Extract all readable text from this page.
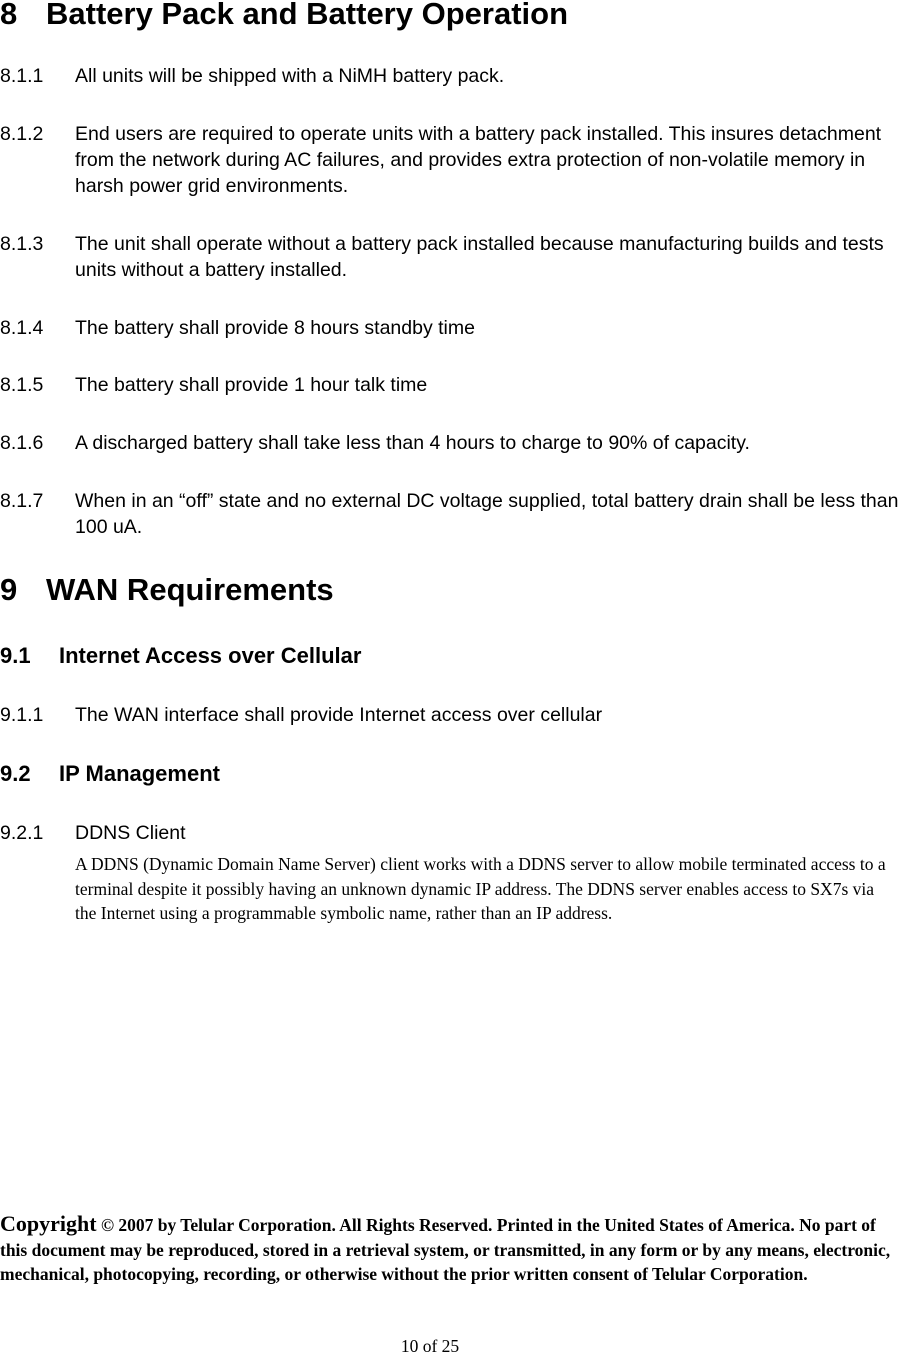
8 Battery Pack and Battery Operation
8.1.1 All units will be shipped with a NiMH battery pack.
8.1.2 End users are required to operate units with a battery pack installed. This insures detachment from the network during AC failures, and provides extra protection of non-volatile memory in harsh power grid environments.
8.1.3 The unit shall operate without a battery pack installed because manufacturing builds and tests units without a battery installed.
8.1.4 The battery shall provide 8 hours standby time
8.1.5 The battery shall provide 1 hour talk time
8.1.6 A discharged battery shall take less than 4 hours to charge to 90% of capacity.
8.1.7 When in an “off” state and no external DC voltage supplied, total battery drain shall be less than 100 uA.
9 WAN Requirements
9.1 Internet Access over Cellular
9.1.1 The WAN interface shall provide Internet access over cellular
9.2 IP Management
9.2.1 DDNS Client
A DDNS (Dynamic Domain Name Server) client works with a DDNS server to allow mobile terminated access to a terminal despite it possibly having an unknown dynamic IP address. The DDNS server enables access to SX7s via the Internet using a programmable symbolic name, rather than an IP address.
Copyright © 2007 by Telular Corporation. All Rights Reserved. Printed in the United States of America. No part of this document may be reproduced, stored in a retrieval system, or transmitted, in any form or by any means, electronic, mechanical, photocopying, recording, or otherwise without the prior written consent of Telular Corporation.
10 of 25
